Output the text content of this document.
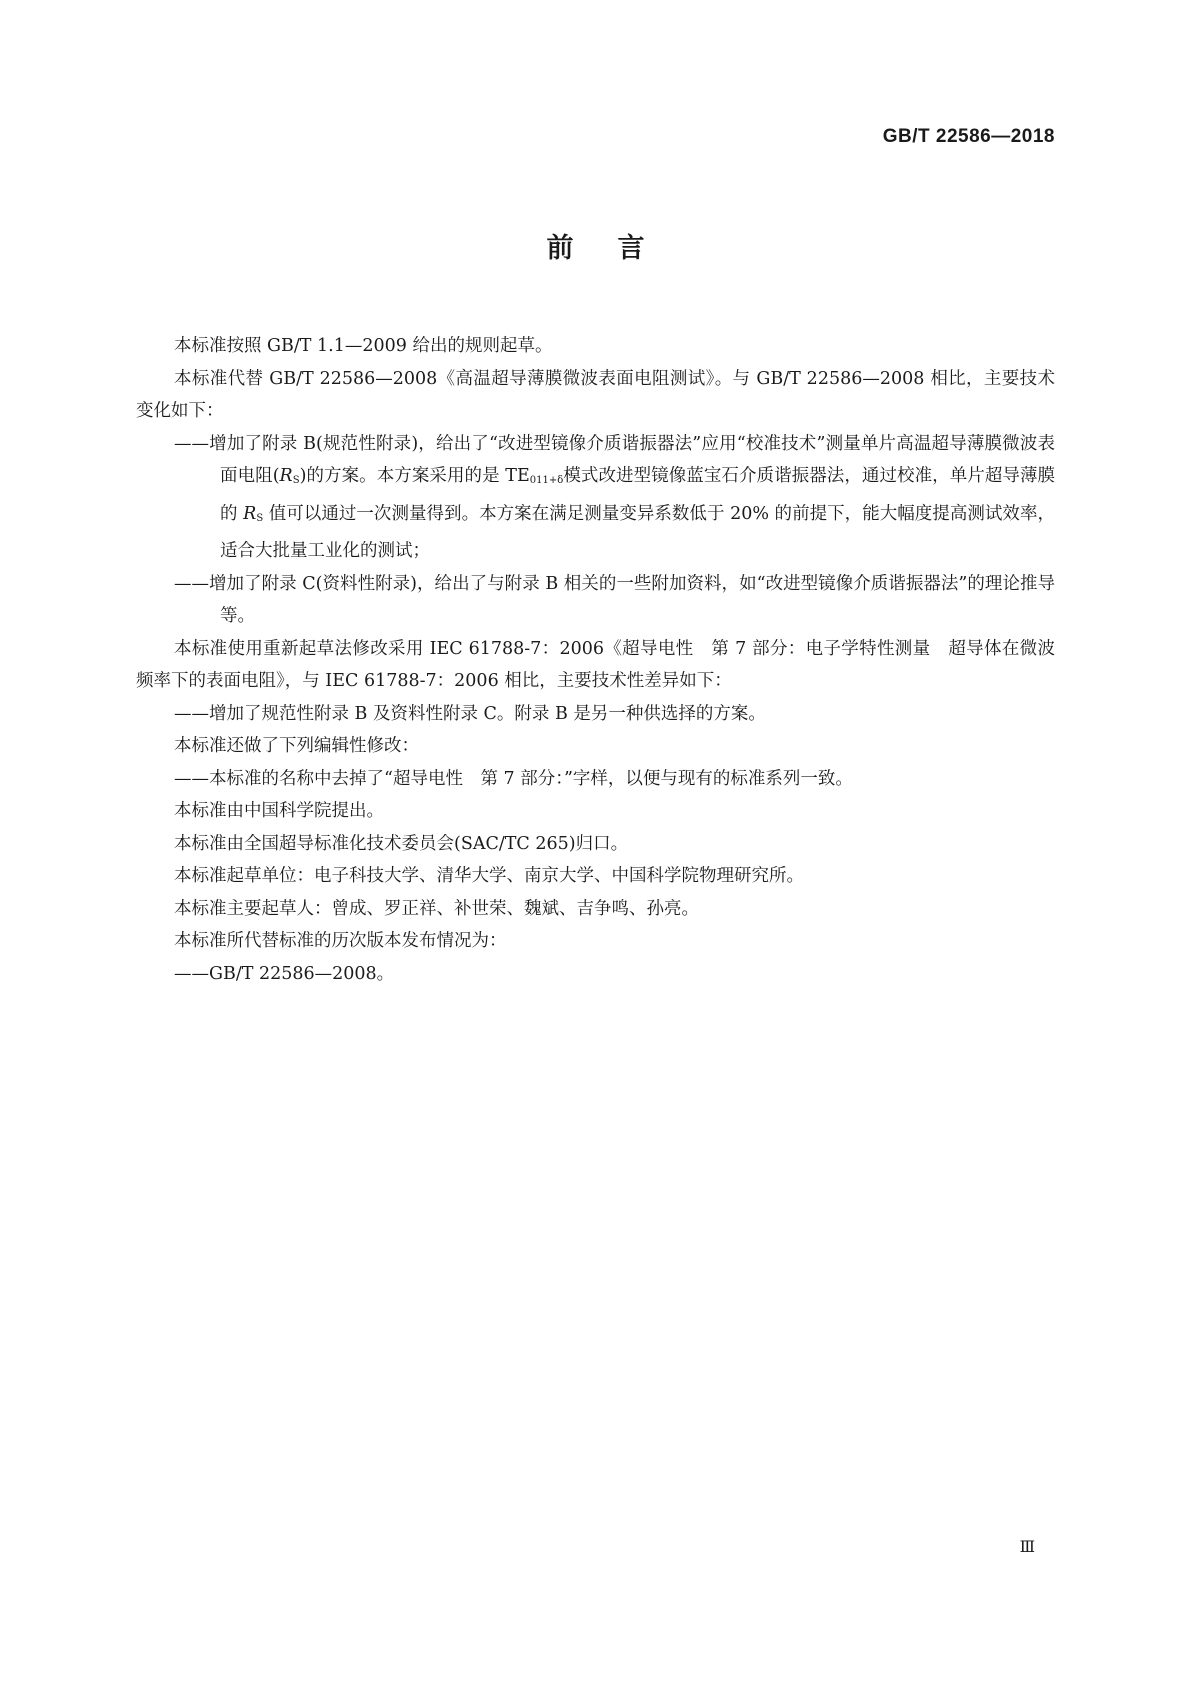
GB/T 22586—2018
前言

本标准按照 GB/T 1.1—2009 给出的规则起草。

本标准代替 GB/T 22586—2008《高温超导薄膜微波表面电阻测试》。与 GB/T 22586—2008 相比，主要技术变化如下：

——增加了附录 B(规范性附录)，给出了“改进型镜像介质谐振器法”应用“校准技术”测量单片高温超导薄膜微波表面电阻$(R_S)$的方案。本方案采用的是 $TE_{011+\delta}$模式改进型镜像蓝宝石介质谐振器法，通过校准，单片超导薄膜的 $R_S$ 值可以通过一次测量得到。本方案在满足测量变异系数低于 20% 的前提下，能大幅度提高测试效率，适合大批量工业化的测试；

——增加了附录 C(资料性附录)，给出了与附录 B 相关的一些附加资料，如“改进型镜像介质谐振器法”的理论推导等。

本标准使用重新起草法修改采用 IEC 61788-7：2006《超导电性　第 7 部分：电子学特性测量　超导体在微波频率下的表面电阻》，与 IEC 61788-7：2006 相比，主要技术性差异如下：

——增加了规范性附录 B 及资料性附录 C。附录 B 是另一种供选择的方案。

本标准还做了下列编辑性修改：

——本标准的名称中去掉了“超导电性　第 7 部分：”字样，以便与现有的标准系列一致。

本标准由中国科学院提出。

本标准由全国超导标准化技术委员会(SAC/TC 265)归口。

本标准起草单位：电子科技大学、清华大学、南京大学、中国科学院物理研究所。

本标准主要起草人：曾成、罗正祥、补世荣、魏斌、吉争鸣、孙亮。

本标准所代替标准的历次版本发布情况为：

——GB/T 22586—2008。

Ⅲ
